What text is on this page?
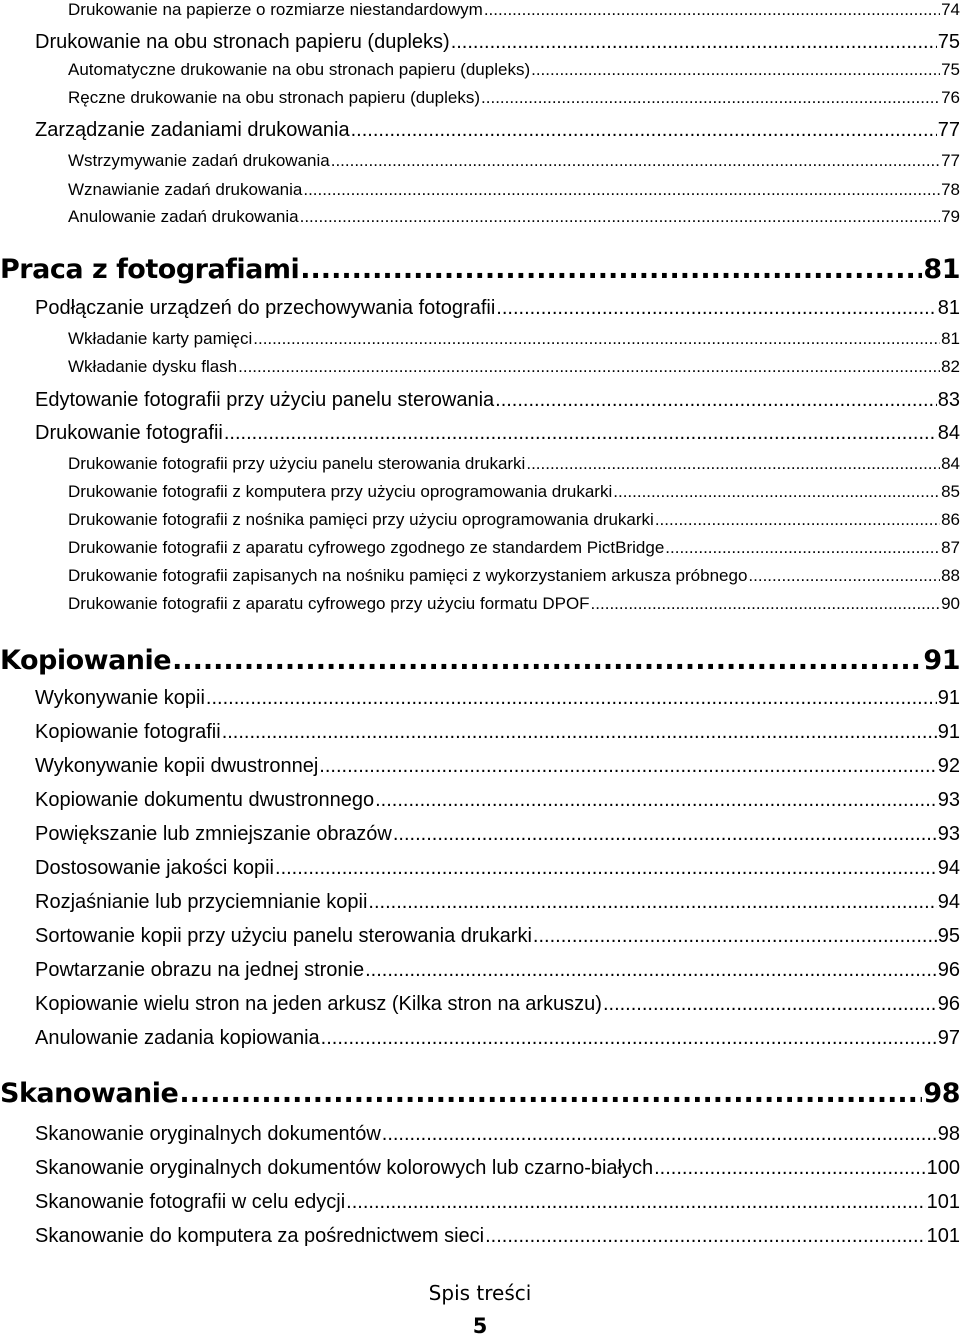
Drukowanie na papierze o rozmiarze niestandardowym .....	74
Drukowanie na obu stronach papieru (dupleks) .....	75
Automatyczne drukowanie na obu stronach papieru (dupleks) .....	75
Ręczne drukowanie na obu stronach papieru (dupleks) .....	76
Zarządzanie zadaniami drukowania .....	77
Wstrzymywanie zadań drukowania .....	77
Wznawianie zadań drukowania .....	78
Anulowanie zadań drukowania .....	79
Praca z fotografiami .....	81
Podłączanie urządzeń do przechowywania fotografii .....	81
Wkładanie karty pamięci .....	81
Wkładanie dysku flash .....	82
Edytowanie fotografii przy użyciu panelu sterowania .....	83
Drukowanie fotografii .....	84
Drukowanie fotografii przy użyciu panelu sterowania drukarki .....	84
Drukowanie fotografii z komputera przy użyciu oprogramowania drukarki .....	85
Drukowanie fotografii z nośnika pamięci przy użyciu oprogramowania drukarki .....	86
Drukowanie fotografii z aparatu cyfrowego zgodnego ze standardem PictBridge .....	87
Drukowanie fotografii zapisanych na nośniku pamięci z wykorzystaniem arkusza próbnego .....	88
Drukowanie fotografii z aparatu cyfrowego przy użyciu formatu DPOF .....	90
Kopiowanie .....	91
Wykonywanie kopii .....	91
Kopiowanie fotografii .....	91
Wykonywanie kopii dwustronnej .....	92
Kopiowanie dokumentu dwustronnego .....	93
Powiększanie lub zmniejszanie obrazów .....	93
Dostosowanie jakości kopii .....	94
Rozjaśnianie lub przyciemnianie kopii .....	94
Sortowanie kopii przy użyciu panelu sterowania drukarki .....	95
Powtarzanie obrazu na jednej stronie .....	96
Kopiowanie wielu stron na jeden arkusz (Kilka stron na arkuszu) .....	96
Anulowanie zadania kopiowania .....	97
Skanowanie .....	98
Skanowanie oryginalnych dokumentów .....	98
Skanowanie oryginalnych dokumentów kolorowych lub czarno-białych .....	100
Skanowanie fotografii w celu edycji .....	101
Skanowanie do komputera za pośrednictwem sieci .....	101
Spis treści
5
